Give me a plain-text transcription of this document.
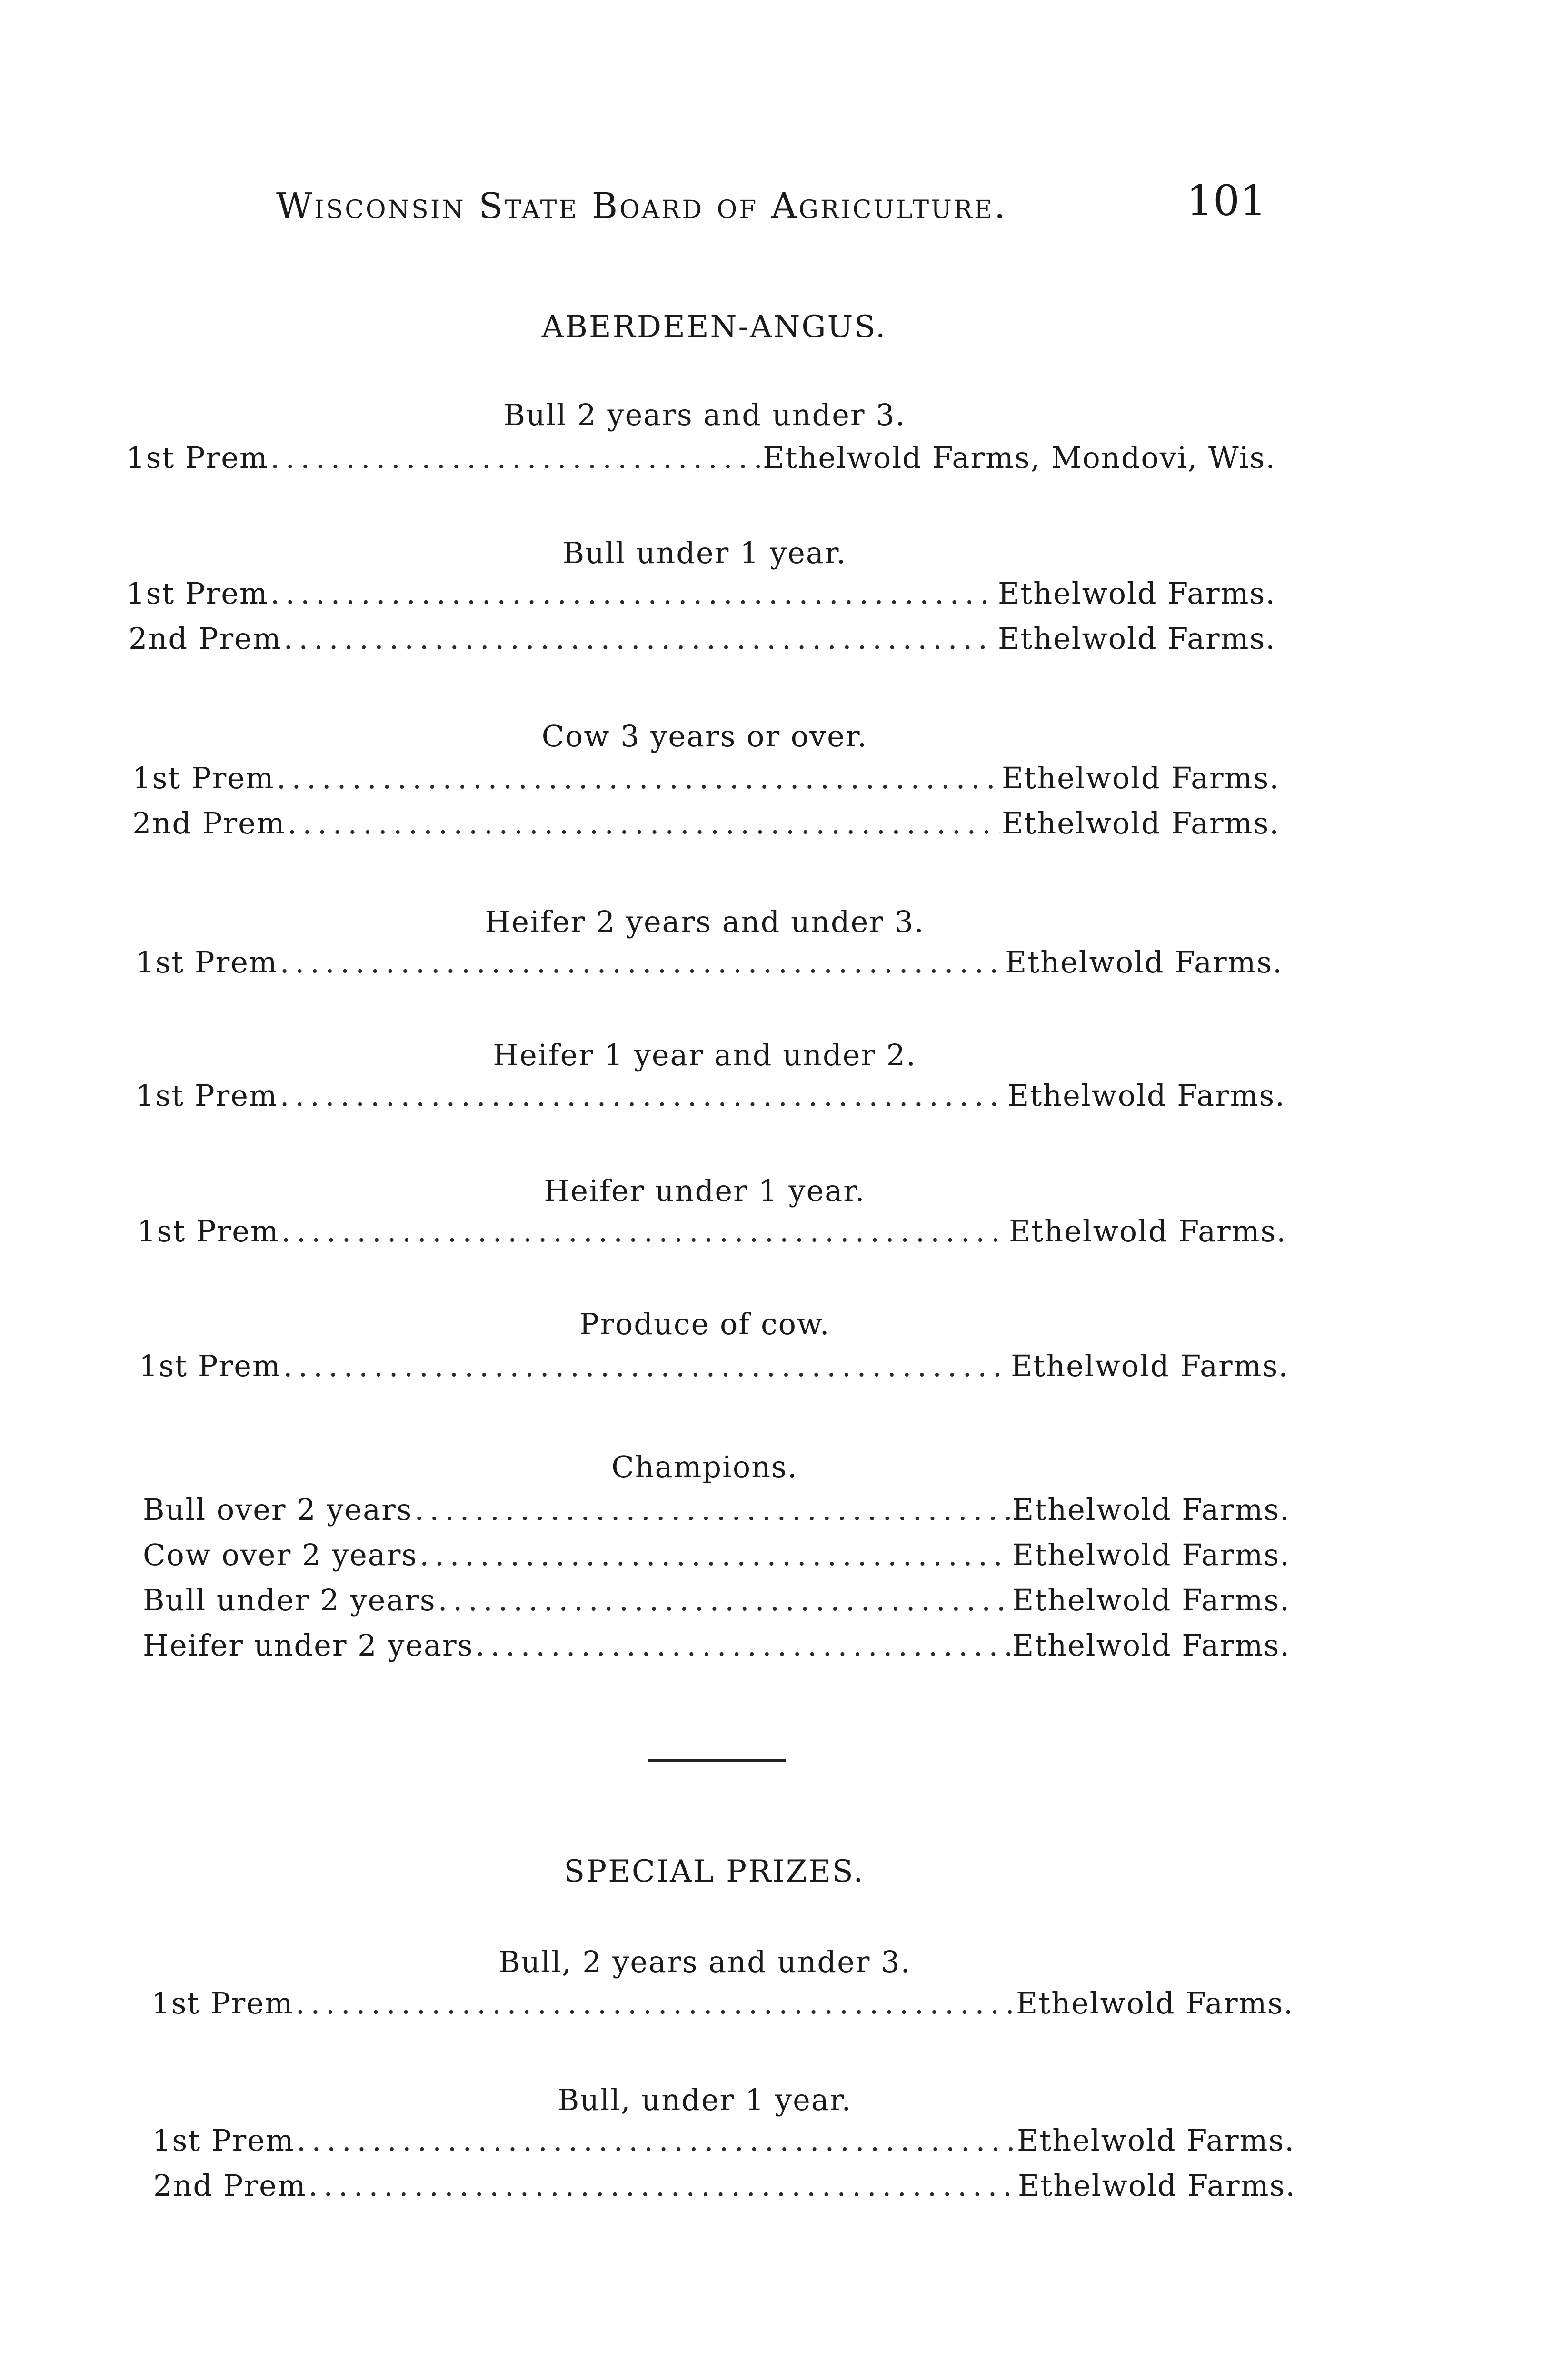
Wisconsin State Board of Agriculture.	101
ABERDEEN-ANGUS.
Bull 2 years and under 3.
1st Prem .....	Ethelwold Farms, Mondovi, Wis.
Bull under 1 year.
1st Prem .....	Ethelwold Farms.
2nd Prem .....	Ethelwold Farms.
Cow 3 years or over.
1st Prem .....	Ethelwold Farms.
2nd Prem .....	Ethelwold Farms.
Heifer 2 years and under 3.
1st Prem .....	Ethelwold Farms.
Heifer 1 year and under 2.
1st Prem .....	Ethelwold Farms.
Heifer under 1 year.
1st Prem .....	Ethelwold Farms.
Produce of cow.
1st Prem .....	Ethelwold Farms.
Champions.
Bull over 2 years .....	Ethelwold Farms.
Cow over 2 years .....	Ethelwold Farms.
Bull under 2 years .....	Ethelwold Farms.
Heifer under 2 years .....	Ethelwold Farms.
SPECIAL PRIZES.
Bull, 2 years and under 3.
1st Prem .....	Ethelwold Farms.
Bull, under 1 year.
1st Prem .....	Ethelwold Farms.
2nd Prem .....	Ethelwold Farms.
